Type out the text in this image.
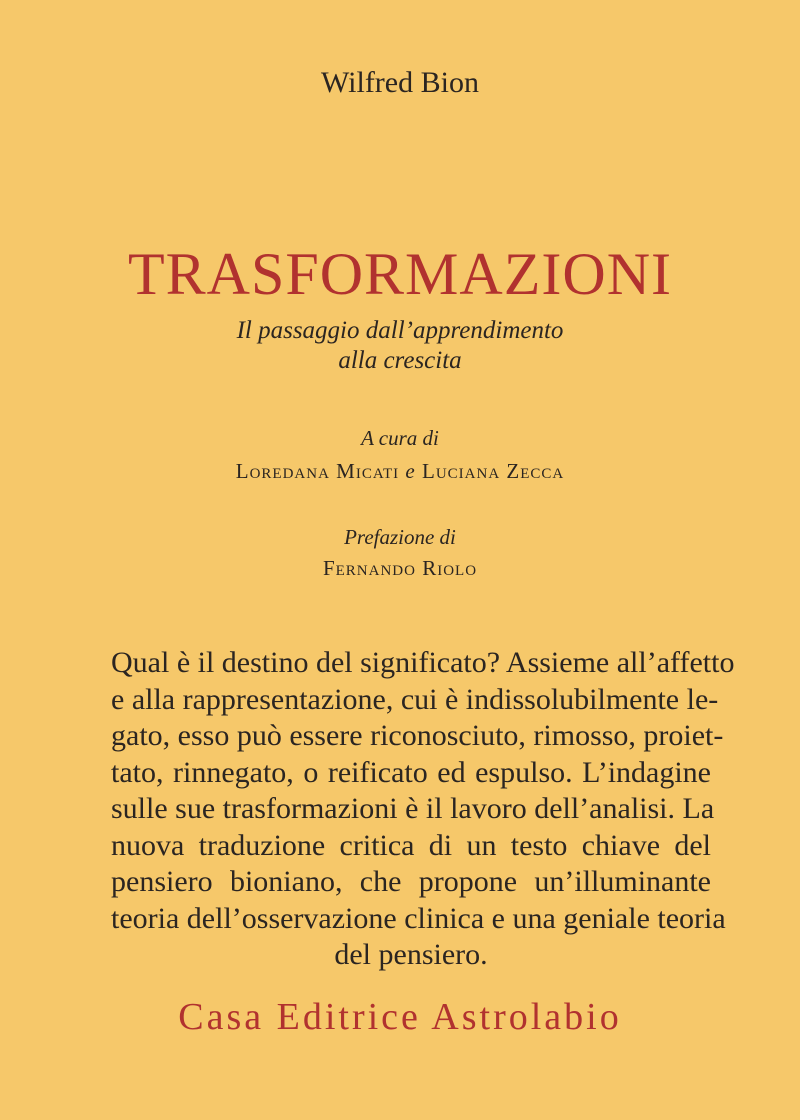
Wilfred Bion
TRASFORMAZIONI
Il passaggio dall’apprendimento
alla crescita
A cura di
Loredana Micati e Luciana Zecca
Prefazione di
Fernando Riolo
Qual è il destino del significato? Assieme all’affetto
e alla rappresentazione, cui è indissolubilmente le-
gato, esso può essere riconosciuto, rimosso, proiet-
tato, rinnegato, o reificato ed espulso. L’indagine
sulle sue trasformazioni è il lavoro dell’analisi. La
nuova traduzione critica di un testo chiave del
pensiero bioniano, che propone un’illuminante
teoria dell’osservazione clinica e una geniale teoria
del pensiero.
Casa Editrice Astrolabio
